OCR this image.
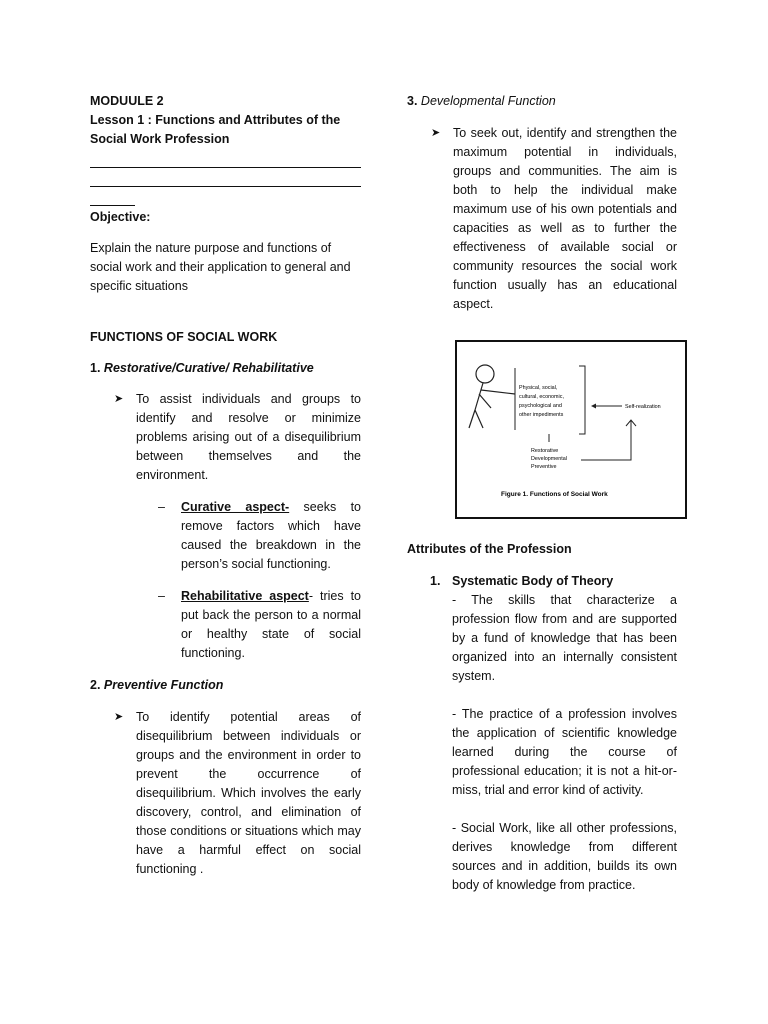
MODUULE 2

Lesson 1 : Functions and Attributes of the Social Work Profession

Objective:

Explain the nature purpose and functions of social work and their application to general and specific situations

FUNCTIONS OF SOCIAL WORK

1. Restorative/Curative/ Rehabilitative

➤ To assist individuals and groups to identify and resolve or minimize problems arising out of a disequilibrium between themselves and the environment.
– Curative aspect- seeks to remove factors which have caused the breakdown in the person’s social functioning.
– Rehabilitative aspect- tries to put back the person to a normal or healthy state of social functioning.

2. Preventive Function

➤ To identify potential areas of disequilibrium between individuals or groups and the environment in order to prevent the occurrence of disequilibrium. Which involves the early discovery, control, and elimination of those conditions or situations which may have a harmful effect on social functioning .

3. Developmental Function

➤ To seek out, identify and strengthen the maximum potential in individuals, groups and communities. The aim is both to help the individual make maximum use of his own potentials and capacities as well as to further the effectiveness of available social or community resources the social work function usually has an educational aspect.
Physical, social,
cultural, economic,
psychological and
other impediments
Self-realization
Restorative
Developmental
Preventive
Figure 1. Functions of Social Work

Attributes of the Profession

1. Systematic Body of Theory

- The skills that characterize a profession flow from and are supported by a fund of knowledge that has been organized into an internally consistent system.

- The practice of a profession involves the application of scientific knowledge learned during the course of professional education; it is not a hit-or-miss, trial and error kind of activity.

- Social Work, like all other professions, derives knowledge from different sources and in addition, builds its own body of knowledge from practice.
